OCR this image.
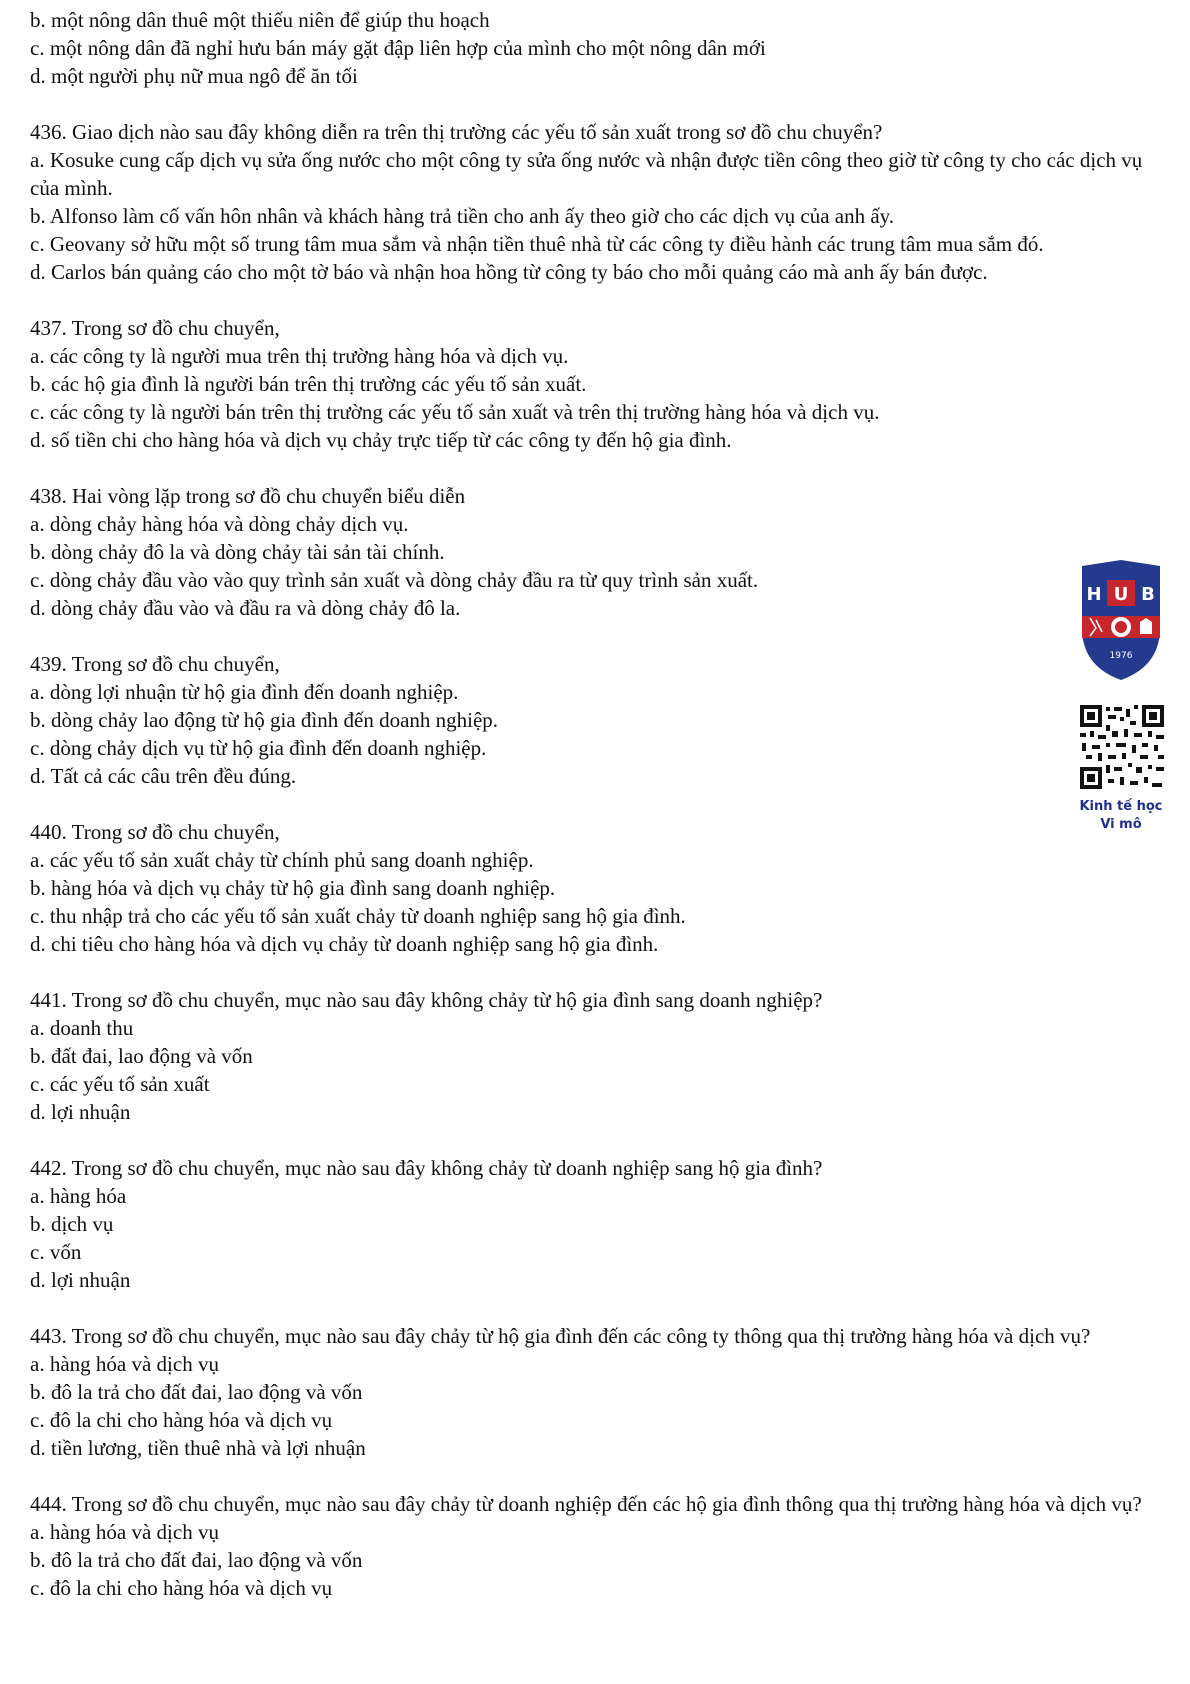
b. một nông dân thuê một thiếu niên để giúp thu hoạch

c. một nông dân đã nghỉ hưu bán máy gặt đập liên hợp của mình cho một nông dân mới

d. một người phụ nữ mua ngô để ăn tối

436. Giao dịch nào sau đây không diễn ra trên thị trường các yếu tố sản xuất trong sơ đồ chu chuyển?

a. Kosuke cung cấp dịch vụ sửa ống nước cho một công ty sửa ống nước và nhận được tiền công theo giờ từ công ty cho các dịch vụ của mình.

b. Alfonso làm cố vấn hôn nhân và khách hàng trả tiền cho anh ấy theo giờ cho các dịch vụ của anh ấy.

c. Geovany sở hữu một số trung tâm mua sắm và nhận tiền thuê nhà từ các công ty điều hành các trung tâm mua sắm đó.

d. Carlos bán quảng cáo cho một tờ báo và nhận hoa hồng từ công ty báo cho mỗi quảng cáo mà anh ấy bán được.

437. Trong sơ đồ chu chuyển,

a. các công ty là người mua trên thị trường hàng hóa và dịch vụ.

b. các hộ gia đình là người bán trên thị trường các yếu tố sản xuất.

c. các công ty là người bán trên thị trường các yếu tố sản xuất và trên thị trường hàng hóa và dịch vụ.

d. số tiền chi cho hàng hóa và dịch vụ chảy trực tiếp từ các công ty đến hộ gia đình.

438. Hai vòng lặp trong sơ đồ chu chuyển biểu diễn

a. dòng chảy hàng hóa và dòng chảy dịch vụ.

b. dòng chảy đô la và dòng chảy tài sản tài chính.

c. dòng chảy đầu vào vào quy trình sản xuất và dòng chảy đầu ra từ quy trình sản xuất.

d. dòng chảy đầu vào và đầu ra và dòng chảy đô la.

439. Trong sơ đồ chu chuyển,

a. dòng lợi nhuận từ hộ gia đình đến doanh nghiệp.

b. dòng chảy lao động từ hộ gia đình đến doanh nghiệp.

c. dòng chảy dịch vụ từ hộ gia đình đến doanh nghiệp.

d. Tất cả các câu trên đều đúng.

440. Trong sơ đồ chu chuyển,

a. các yếu tố sản xuất chảy từ chính phủ sang doanh nghiệp.

b. hàng hóa và dịch vụ chảy từ hộ gia đình sang doanh nghiệp.

c. thu nhập trả cho các yếu tố sản xuất chảy từ doanh nghiệp sang hộ gia đình.

d. chi tiêu cho hàng hóa và dịch vụ chảy từ doanh nghiệp sang hộ gia đình.

441. Trong sơ đồ chu chuyển, mục nào sau đây không chảy từ hộ gia đình sang doanh nghiệp?

a. doanh thu

b. đất đai, lao động và vốn

c. các yếu tố sản xuất

d. lợi nhuận

442. Trong sơ đồ chu chuyển, mục nào sau đây không chảy từ doanh nghiệp sang hộ gia đình?

a. hàng hóa

b. dịch vụ

c. vốn

d. lợi nhuận

443. Trong sơ đồ chu chuyển, mục nào sau đây chảy từ hộ gia đình đến các công ty thông qua thị trường hàng hóa và dịch vụ?

a. hàng hóa và dịch vụ

b. đô la trả cho đất đai, lao động và vốn

c. đô la chi cho hàng hóa và dịch vụ

d. tiền lương, tiền thuê nhà và lợi nhuận

444. Trong sơ đồ chu chuyển, mục nào sau đây chảy từ doanh nghiệp đến các hộ gia đình thông qua thị trường hàng hóa và dịch vụ?

a. hàng hóa và dịch vụ

b. đô la trả cho đất đai, lao động và vốn

c. đô la chi cho hàng hóa và dịch vụ

H U B
1976
Kinh tế học
Vi mô
